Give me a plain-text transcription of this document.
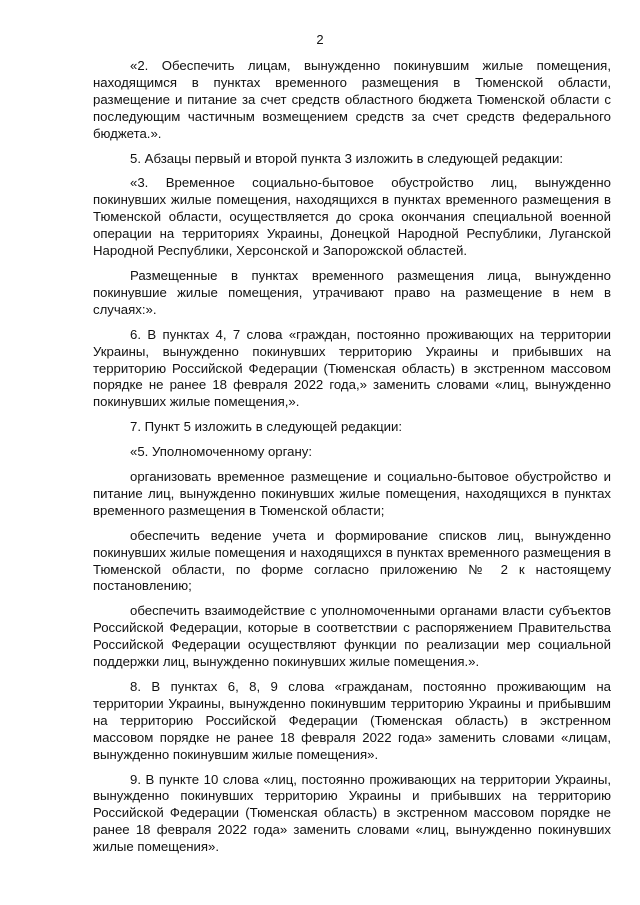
2

«2. Обеспечить лицам, вынужденно покинувшим жилые помещения, находящимся в пунктах временного размещения в Тюменской области, размещение и питание за счет средств областного бюджета Тюменской области с последующим частичным возмещением средств за счет средств федерального бюджета.».

5. Абзацы первый и второй пункта 3 изложить в следующей редакции:

«3. Временное социально-бытовое обустройство лиц, вынужденно покинувших жилые помещения, находящихся в пунктах временного размещения в Тюменской области, осуществляется до срока окончания специальной военной операции на территориях Украины, Донецкой Народной Республики, Луганской Народной Республики, Херсонской и Запорожской областей.

Размещенные в пунктах временного размещения лица, вынужденно покинувшие жилые помещения, утрачивают право на размещение в нем в случаях:».

6. В пунктах 4, 7 слова «граждан, постоянно проживающих на территории Украины, вынужденно покинувших территорию Украины и прибывших на территорию Российской Федерации (Тюменская область) в экстренном массовом порядке не ранее 18 февраля 2022 года,» заменить словами «лиц, вынужденно покинувших жилые помещения,».

7. Пункт 5 изложить в следующей редакции:

«5. Уполномоченному органу:

организовать временное размещение и социально-бытовое обустройство и питание лиц, вынужденно покинувших жилые помещения, находящихся в пунктах временного размещения в Тюменской области;

обеспечить ведение учета и формирование списков лиц, вынужденно покинувших жилые помещения и находящихся в пунктах временного размещения в Тюменской области, по форме согласно приложению № 2 к настоящему постановлению;

обеспечить взаимодействие с уполномоченными органами власти субъектов Российской Федерации, которые в соответствии с распоряжением Правительства Российской Федерации осуществляют функции по реализации мер социальной поддержки лиц, вынужденно покинувших жилые помещения.».

8. В пунктах 6, 8, 9 слова «гражданам, постоянно проживающим на территории Украины, вынужденно покинувшим территорию Украины и прибывшим на территорию Российской Федерации (Тюменская область) в экстренном массовом порядке не ранее 18 февраля 2022 года» заменить словами «лицам, вынужденно покинувшим жилые помещения».

9. В пункте 10 слова «лиц, постоянно проживающих на территории Украины, вынужденно покинувших территорию Украины и прибывших на территорию Российской Федерации (Тюменская область) в экстренном массовом порядке не ранее 18 февраля 2022 года» заменить словами «лиц, вынужденно покинувших жилые помещения».
